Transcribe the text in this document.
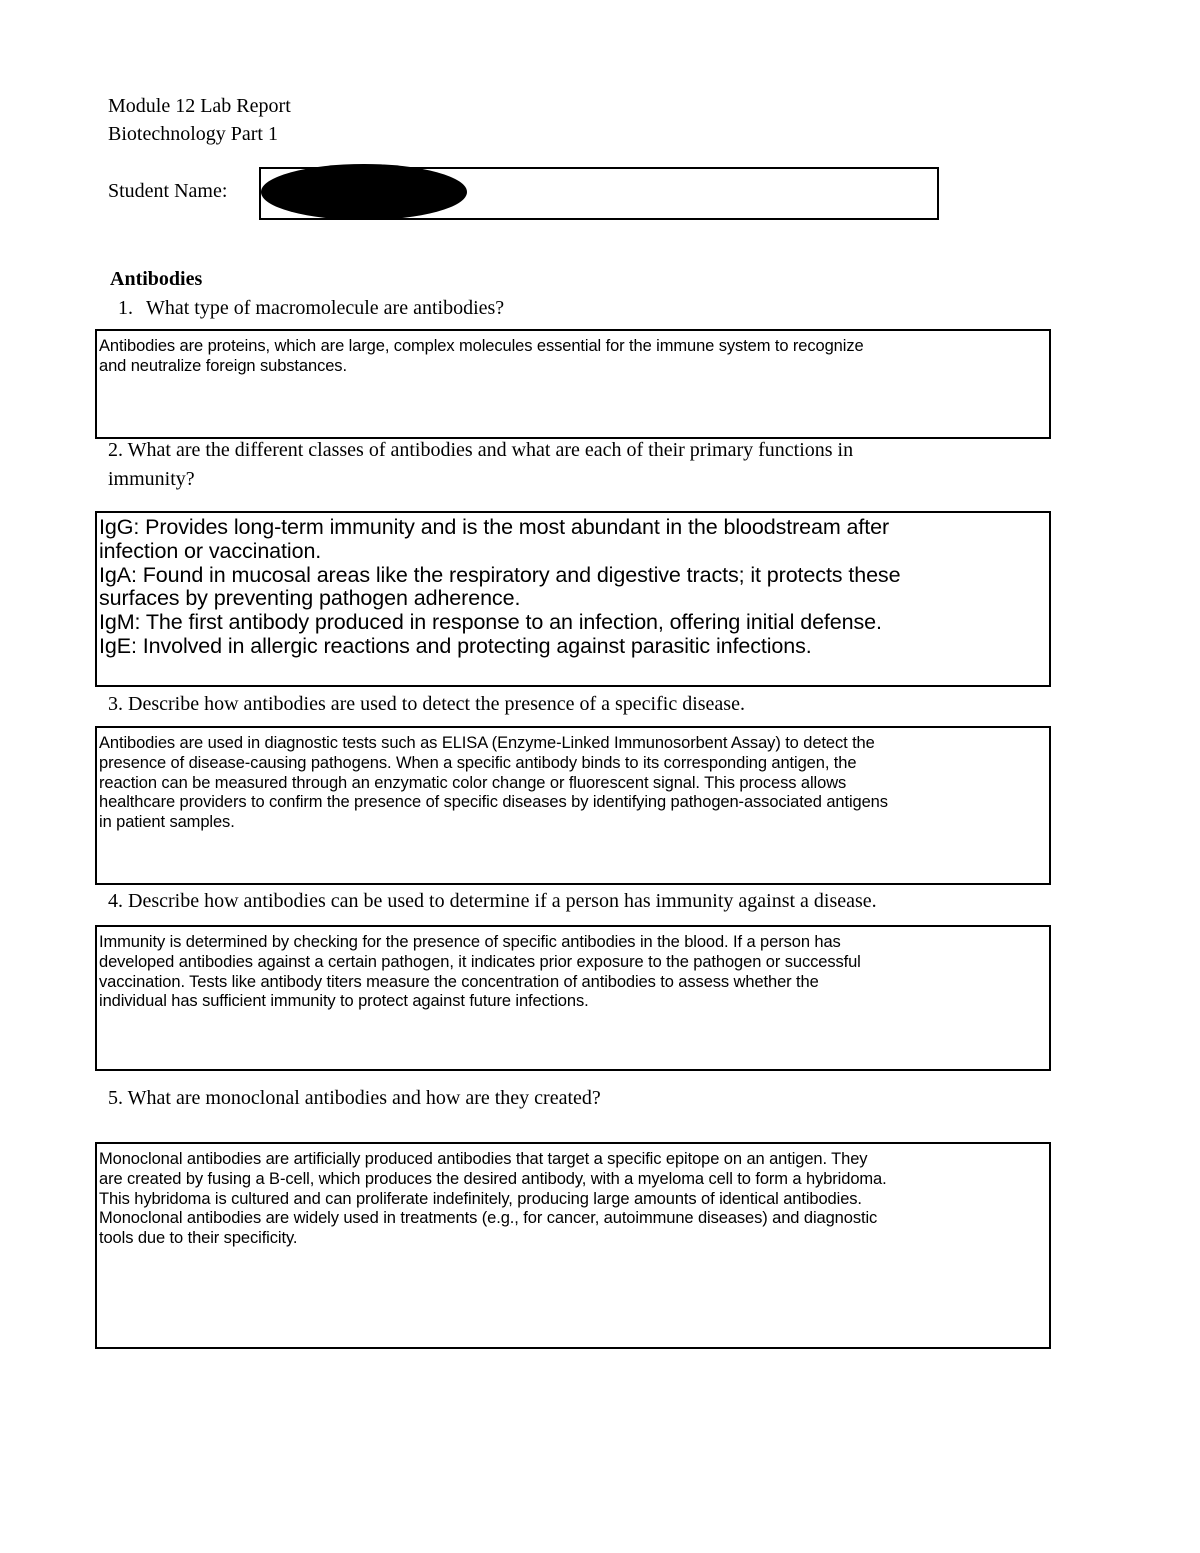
Module 12 Lab Report
Biotechnology Part 1
Student Name:
Antibodies
1. What type of macromolecule are antibodies?
Antibodies are proteins, which are large, complex molecules essential for the immune system to recognize
and neutralize foreign substances.
2. What are the different classes of antibodies and what are each of their primary functions in
immunity?
IgG: Provides long-term immunity and is the most abundant in the bloodstream after
infection or vaccination.
IgA: Found in mucosal areas like the respiratory and digestive tracts; it protects these
surfaces by preventing pathogen adherence.
IgM: The first antibody produced in response to an infection, offering initial defense.
IgE: Involved in allergic reactions and protecting against parasitic infections.
3. Describe how antibodies are used to detect the presence of a specific disease.
Antibodies are used in diagnostic tests such as ELISA (Enzyme-Linked Immunosorbent Assay) to detect the
presence of disease-causing pathogens. When a specific antibody binds to its corresponding antigen, the
reaction can be measured through an enzymatic color change or fluorescent signal. This process allows
healthcare providers to confirm the presence of specific diseases by identifying pathogen-associated antigens
in patient samples.
4. Describe how antibodies can be used to determine if a person has immunity against a disease.
Immunity is determined by checking for the presence of specific antibodies in the blood. If a person has
developed antibodies against a certain pathogen, it indicates prior exposure to the pathogen or successful
vaccination. Tests like antibody titers measure the concentration of antibodies to assess whether the
individual has sufficient immunity to protect against future infections.
5. What are monoclonal antibodies and how are they created?
Monoclonal antibodies are artificially produced antibodies that target a specific epitope on an antigen. They
are created by fusing a B-cell, which produces the desired antibody, with a myeloma cell to form a hybridoma.
This hybridoma is cultured and can proliferate indefinitely, producing large amounts of identical antibodies.
Monoclonal antibodies are widely used in treatments (e.g., for cancer, autoimmune diseases) and diagnostic
tools due to their specificity.
